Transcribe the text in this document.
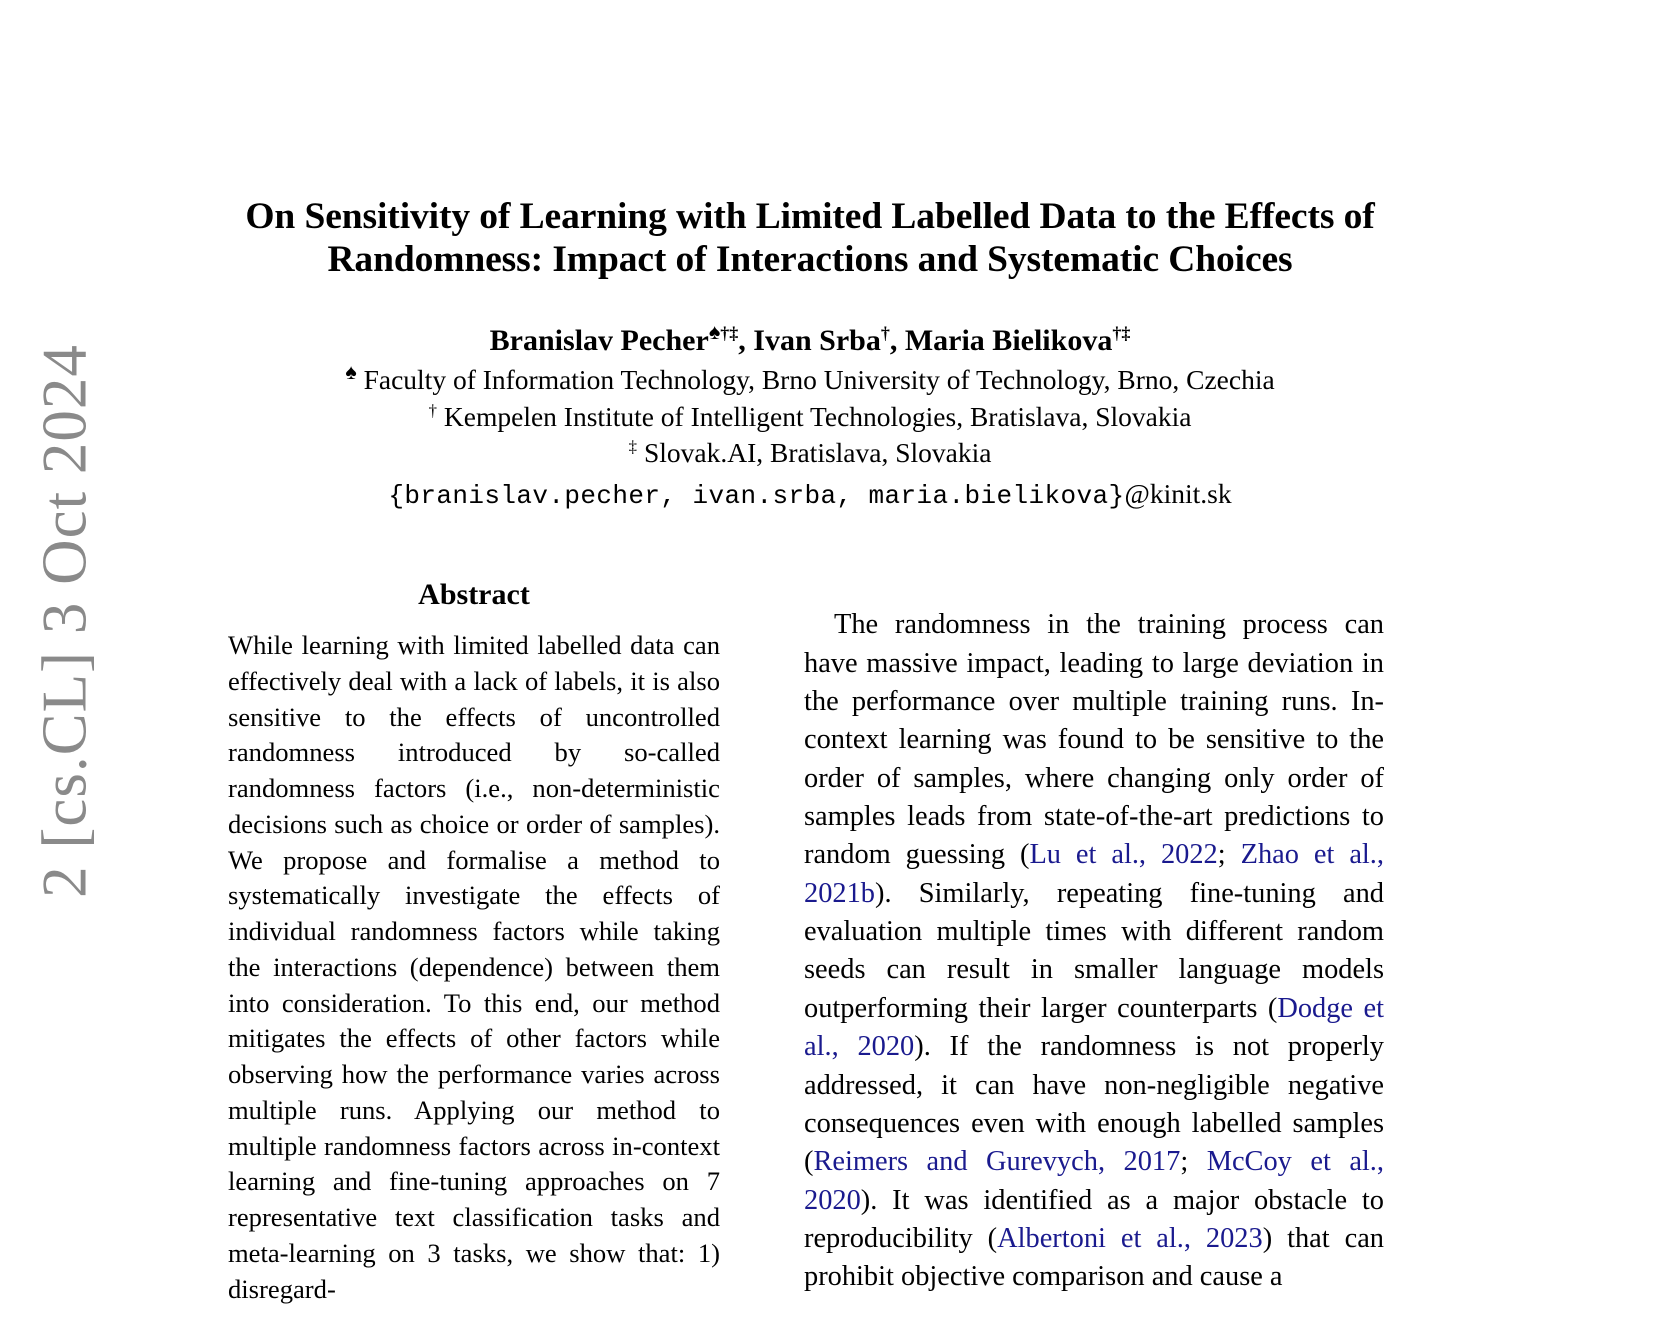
2 [cs.CL] 3 Oct 2024
On Sensitivity of Learning with Limited Labelled Data to the Effects of
Randomness: Impact of Interactions and Systematic Choices
Branislav Pecher♠†‡, Ivan Srba†, Maria Bielikova†‡
♠ Faculty of Information Technology, Brno University of Technology, Brno, Czechia
† Kempelen Institute of Intelligent Technologies, Bratislava, Slovakia
‡ Slovak.AI, Bratislava, Slovakia
{branislav.pecher, ivan.srba, maria.bielikova}@kinit.sk
Abstract
While learning with limited labelled data can effectively deal with a lack of labels, it is also sensitive to the effects of uncontrolled randomness introduced by so-called randomness factors (i.e., non-deterministic decisions such as choice or order of samples). We propose and formalise a method to systematically investigate the effects of individual randomness factors while taking the interactions (dependence) between them into consideration. To this end, our method mitigates the effects of other factors while observing how the performance varies across multiple runs. Applying our method to multiple randomness factors across in-context learning and fine-tuning approaches on 7 representative text classification tasks and meta-learning on 3 tasks, we show that: 1) disregard-

The randomness in the training process can have massive impact, leading to large deviation in the performance over multiple training runs. In-context learning was found to be sensitive to the order of samples, where changing only order of samples leads from state-of-the-art predictions to random guessing (Lu et al., 2022; Zhao et al., 2021b). Similarly, repeating fine-tuning and evaluation multiple times with different random seeds can result in smaller language models outperforming their larger counterparts (Dodge et al., 2020). If the randomness is not properly addressed, it can have non-negligible negative consequences even with enough labelled samples (Reimers and Gurevych, 2017; McCoy et al., 2020). It was identified as a major obstacle to reproducibility (Albertoni et al., 2023) that can prohibit objective comparison and cause a
